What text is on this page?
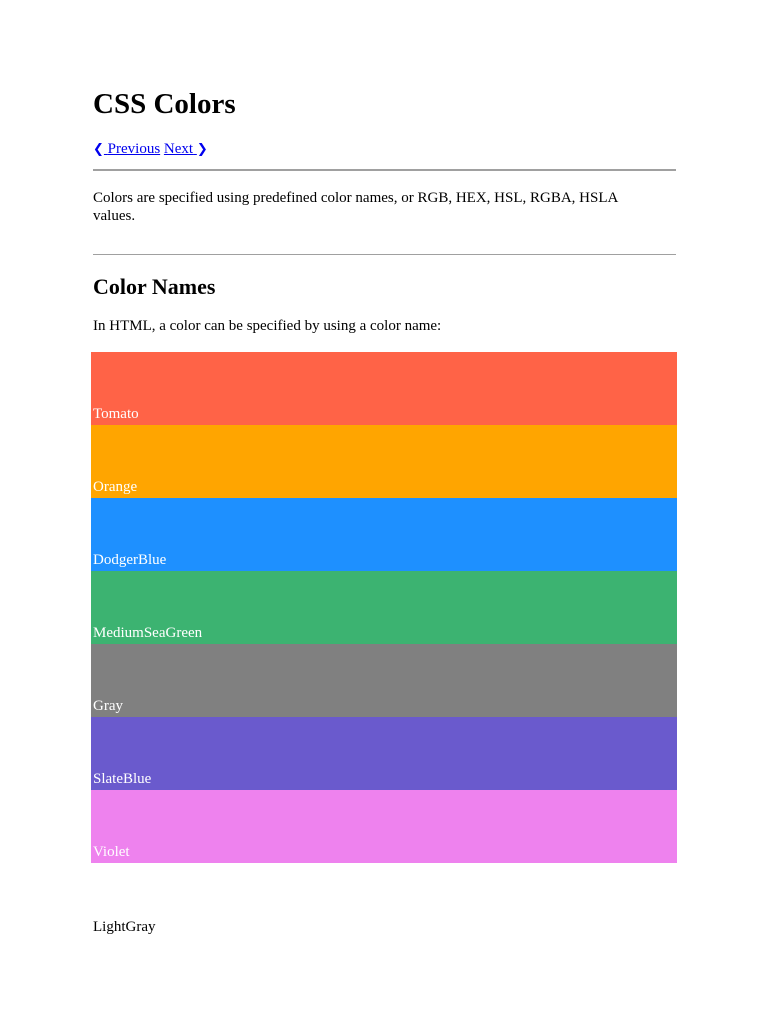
CSS Colors
❮ Previous Next ❯

Colors are specified using predefined color names, or RGB, HEX, HSL, RGBA, HSLA values.

Color Names

In HTML, a color can be specified by using a color name:

Tomato
Orange
DodgerBlue
MediumSeaGreen
Gray
SlateBlue
Violet
LightGray
